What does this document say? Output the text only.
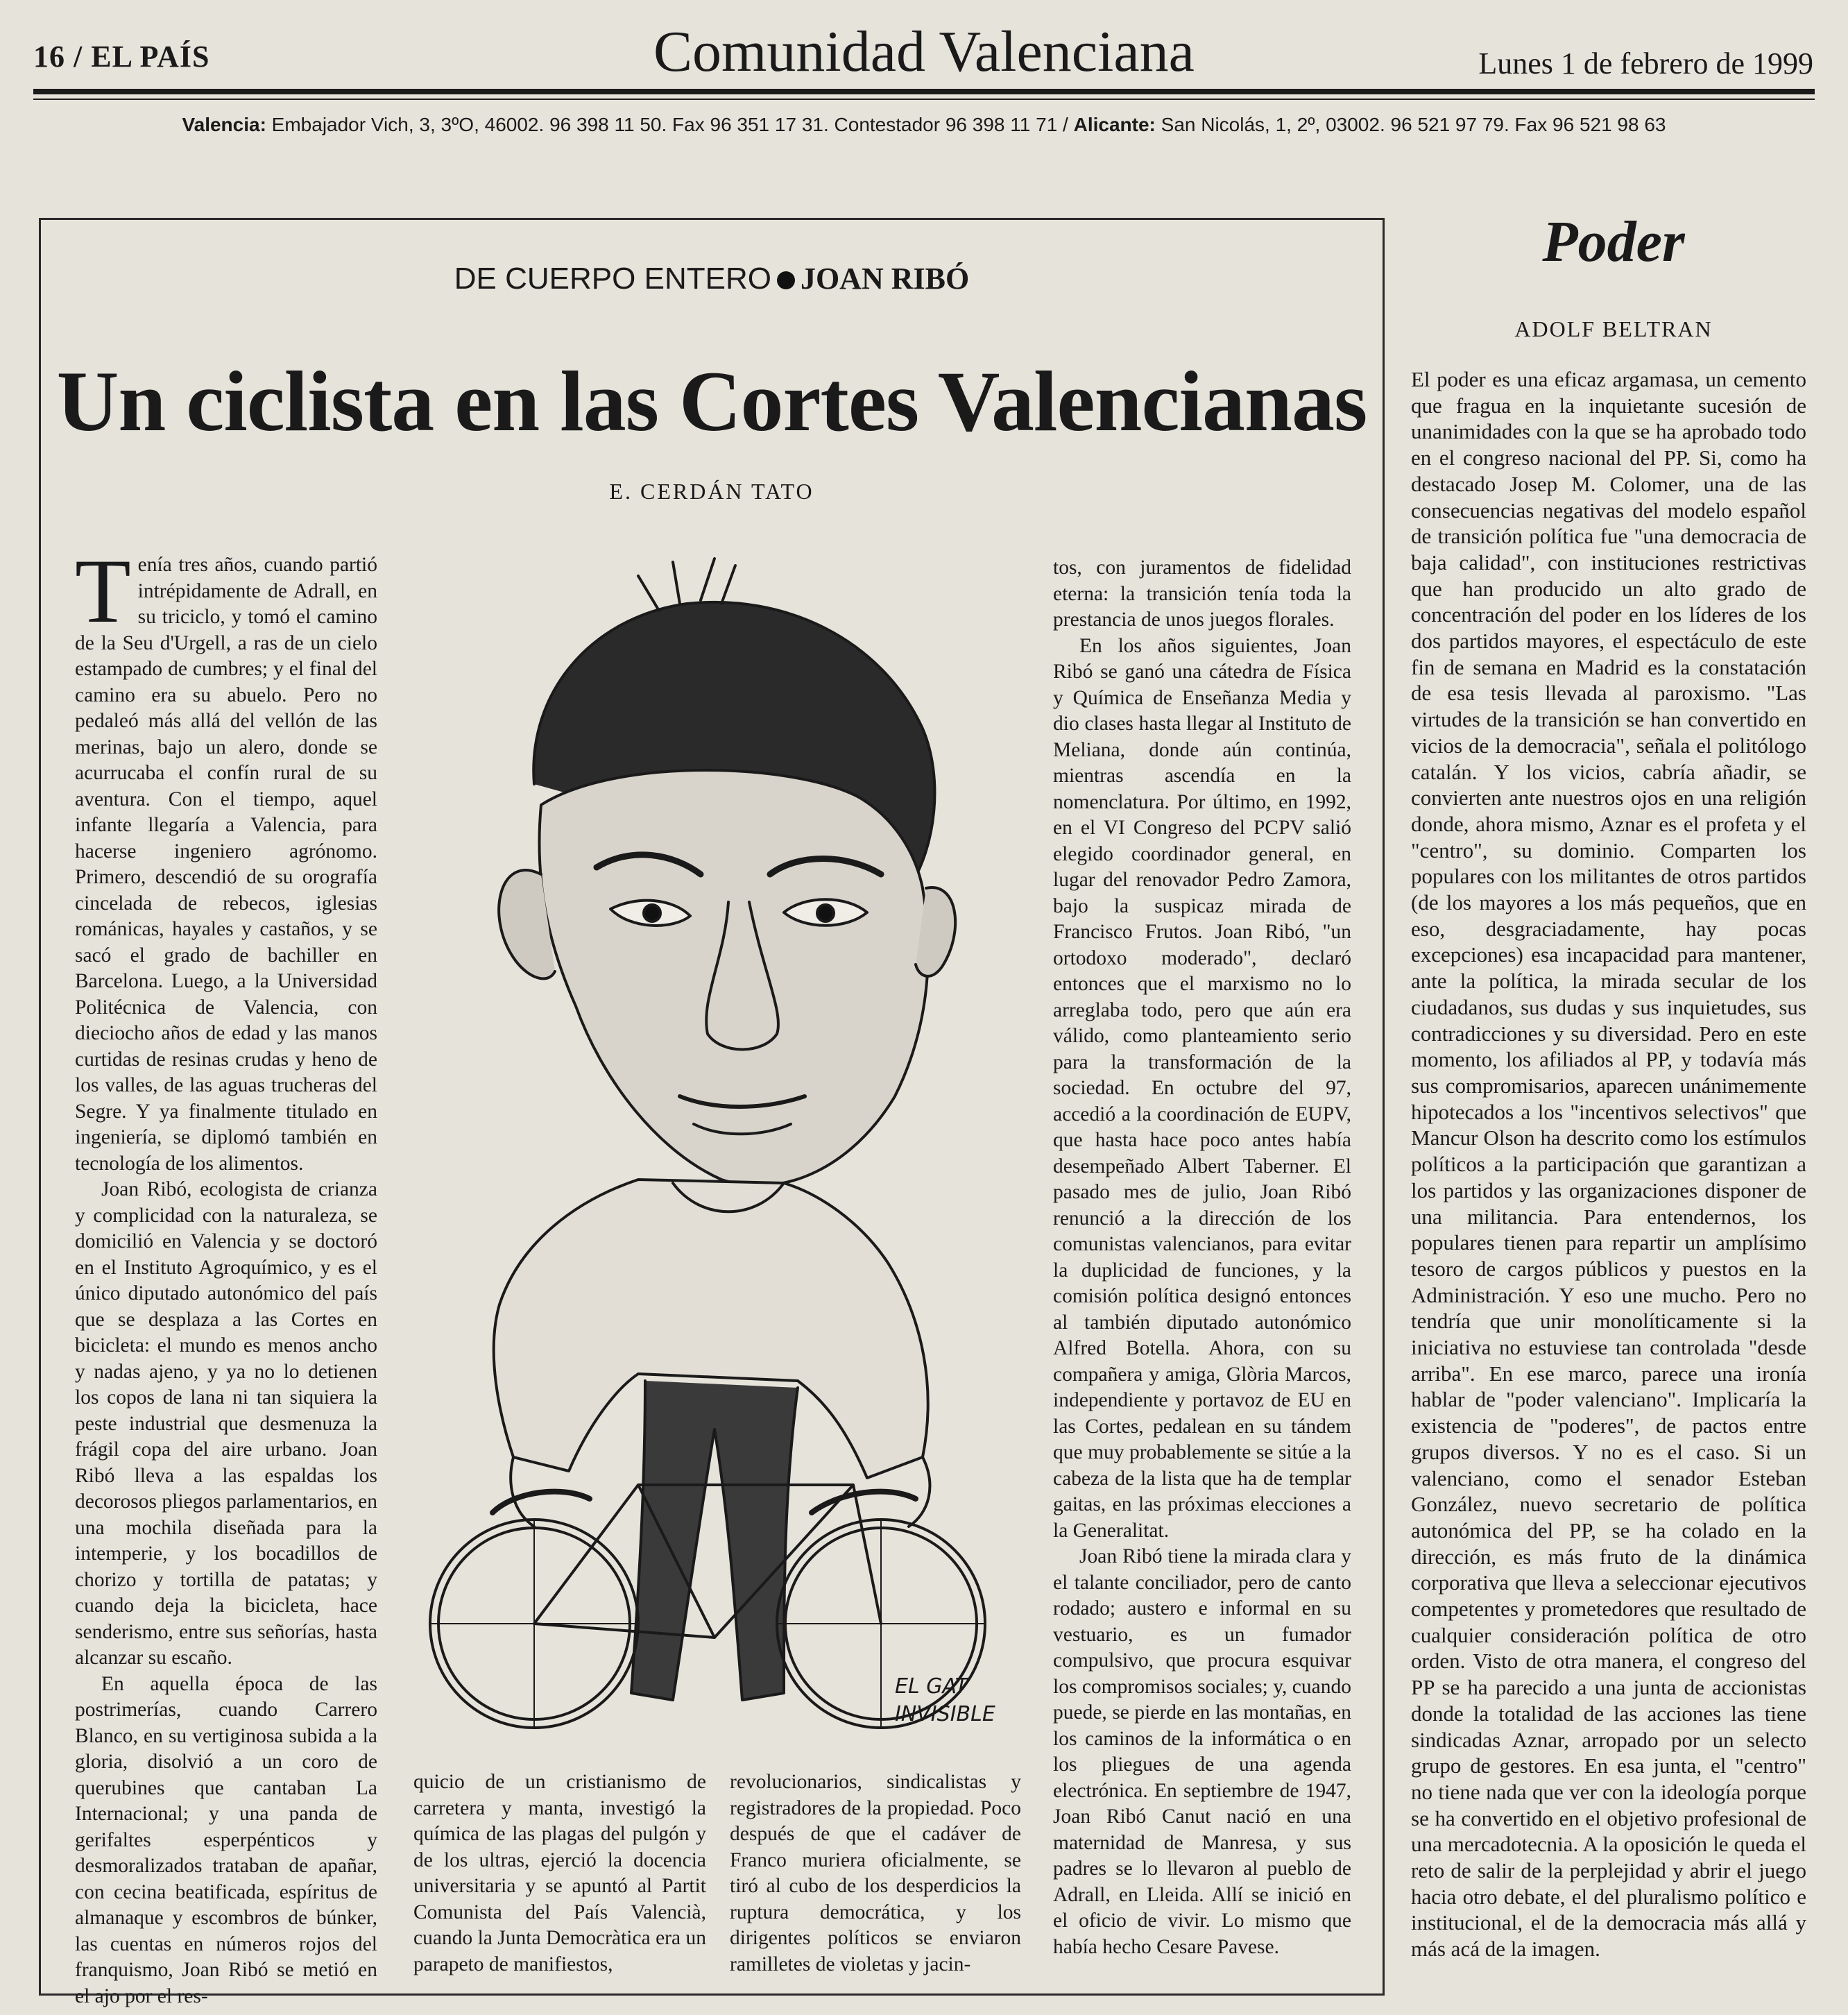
16 / EL PAÍS	Comunidad Valenciana	Lunes 1 de febrero de 1999
Valencia: Embajador Vich, 3, 3ºO, 46002. 96 398 11 50. Fax 96 351 17 31. Contestador 96 398 11 71 / Alicante: San Nicolás, 1, 2º, 03002. 96 521 97 79. Fax 96 521 98 63
DE CUERPO ENTERO JOAN RIBÓ
Un ciclista en las Cortes Valencianas
E. CERDÁN TATO

Tenía tres años, cuando partió intrépidamente de Adrall, en su triciclo, y tomó el camino de la Seu d'Urgell, a ras de un cielo estampado de cumbres; y el final del camino era su abuelo. Pero no pedaleó más allá del vellón de las merinas, bajo un alero, donde se acurrucaba el confín rural de su aventura. Con el tiempo, aquel infante llegaría a Valencia, para hacerse ingeniero agrónomo. Primero, descendió de su orografía cincelada de rebecos, iglesias románicas, hayales y castaños, y se sacó el grado de bachiller en Barcelona. Luego, a la Universidad Politécnica de Valencia, con dieciocho años de edad y las manos curtidas de resinas crudas y heno de los valles, de las aguas trucheras del Segre. Y ya finalmente titulado en ingeniería, se diplomó también en tecnología de los alimentos.

Joan Ribó, ecologista de crianza y complicidad con la naturaleza, se domicilió en Valencia y se doctoró en el Instituto Agroquímico, y es el único diputado autonómico del país que se desplaza a las Cortes en bicicleta: el mundo es menos ancho y nadas ajeno, y ya no lo detienen los copos de lana ni tan siquiera la peste industrial que desmenuza la frágil copa del aire urbano. Joan Ribó lleva a las espaldas los decorosos pliegos parlamentarios, en una mochila diseñada para la intemperie, y los bocadillos de chorizo y tortilla de patatas; y cuando deja la bicicleta, hace senderismo, entre sus señorías, hasta alcanzar su escaño.

En aquella época de las postrimerías, cuando Carrero Blanco, en su vertiginosa subida a la gloria, disolvió a un coro de querubines que cantaban La Internacional; y una panda de gerifaltes esperpénticos y desmoralizados trataban de apañar, con cecina beatificada, espíritus de almanaque y escombros de búnker, las cuentas en números rojos del franquismo, Joan Ribó se metió en el ajo por el res-

EL GAT
INVISIBLE

quicio de un cristianismo de carretera y manta, investigó la química de las plagas del pulgón y de los ultras, ejerció la docencia universitaria y se apuntó al Partit Comunista del País Valencià, cuando la Junta Democràtica era un parapeto de manifiestos,

revolucionarios, sindicalistas y registradores de la propiedad. Poco después de que el cadáver de Franco muriera oficialmente, se tiró al cubo de los desperdicios la ruptura democrática, y los dirigentes políticos se enviaron ramilletes de violetas y jacin-

tos, con juramentos de fidelidad eterna: la transición tenía toda la prestancia de unos juegos florales.

En los años siguientes, Joan Ribó se ganó una cátedra de Física y Química de Enseñanza Media y dio clases hasta llegar al Instituto de Meliana, donde aún continúa, mientras ascendía en la nomenclatura. Por último, en 1992, en el VI Congreso del PCPV salió elegido coordinador general, en lugar del renovador Pedro Zamora, bajo la suspicaz mirada de Francisco Frutos. Joan Ribó, "un ortodoxo moderado", declaró entonces que el marxismo no lo arreglaba todo, pero que aún era válido, como planteamiento serio para la transformación de la sociedad. En octubre del 97, accedió a la coordinación de EUPV, que hasta hace poco antes había desempeñado Albert Taberner. El pasado mes de julio, Joan Ribó renunció a la dirección de los comunistas valencianos, para evitar la duplicidad de funciones, y la comisión política designó entonces al también diputado autonómico Alfred Botella. Ahora, con su compañera y amiga, Glòria Marcos, independiente y portavoz de EU en las Cortes, pedalean en su tándem que muy probablemente se sitúe a la cabeza de la lista que ha de templar gaitas, en las próximas elecciones a la Generalitat.

Joan Ribó tiene la mirada clara y el talante conciliador, pero de canto rodado; austero e informal en su vestuario, es un fumador compulsivo, que procura esquivar los compromisos sociales; y, cuando puede, se pierde en las montañas, en los caminos de la informática o en los pliegues de una agenda electrónica. En septiembre de 1947, Joan Ribó Canut nació en una maternidad de Manresa, y sus padres se lo llevaron al pueblo de Adrall, en Lleida. Allí se inició en el oficio de vivir. Lo mismo que había hecho Cesare Pavese.

Poder
ADOLF BELTRAN

El poder es una eficaz argamasa, un cemento que fragua en la inquietante sucesión de unanimidades con la que se ha aprobado todo en el congreso nacional del PP. Si, como ha destacado Josep M. Colomer, una de las consecuencias negativas del modelo español de transición política fue "una democracia de baja calidad", con instituciones restrictivas que han producido un alto grado de concentración del poder en los líderes de los dos partidos mayores, el espectáculo de este fin de semana en Madrid es la constatación de esa tesis llevada al paroxismo. "Las virtudes de la transición se han convertido en vicios de la democracia", señala el politólogo catalán. Y los vicios, cabría añadir, se convierten ante nuestros ojos en una religión donde, ahora mismo, Aznar es el profeta y el "centro", su dominio. Comparten los populares con los militantes de otros partidos (de los mayores a los más pequeños, que en eso, desgraciadamente, hay pocas excepciones) esa incapacidad para mantener, ante la política, la mirada secular de los ciudadanos, sus dudas y sus inquietudes, sus contradicciones y su diversidad. Pero en este momento, los afiliados al PP, y todavía más sus compromisarios, aparecen unánimemente hipotecados a los "incentivos selectivos" que Mancur Olson ha descrito como los estímulos políticos a la participación que garantizan a los partidos y las organizaciones disponer de una militancia. Para entendernos, los populares tienen para repartir un amplísimo tesoro de cargos públicos y puestos en la Administración. Y eso une mucho. Pero no tendría que unir monolíticamente si la iniciativa no estuviese tan controlada "desde arriba". En ese marco, parece una ironía hablar de "poder valenciano". Implicaría la existencia de "poderes", de pactos entre grupos diversos. Y no es el caso. Si un valenciano, como el senador Esteban González, nuevo secretario de política autonómica del PP, se ha colado en la dirección, es más fruto de la dinámica corporativa que lleva a seleccionar ejecutivos competentes y prometedores que resultado de cualquier consideración política de otro orden. Visto de otra manera, el congreso del PP se ha parecido a una junta de accionistas donde la totalidad de las acciones las tiene sindicadas Aznar, arropado por un selecto grupo de gestores. En esa junta, el "centro" no tiene nada que ver con la ideología porque se ha convertido en el objetivo profesional de una mercadotecnia. A la oposición le queda el reto de salir de la perplejidad y abrir el juego hacia otro debate, el del pluralismo político e institucional, el de la democracia más allá y más acá de la imagen.
